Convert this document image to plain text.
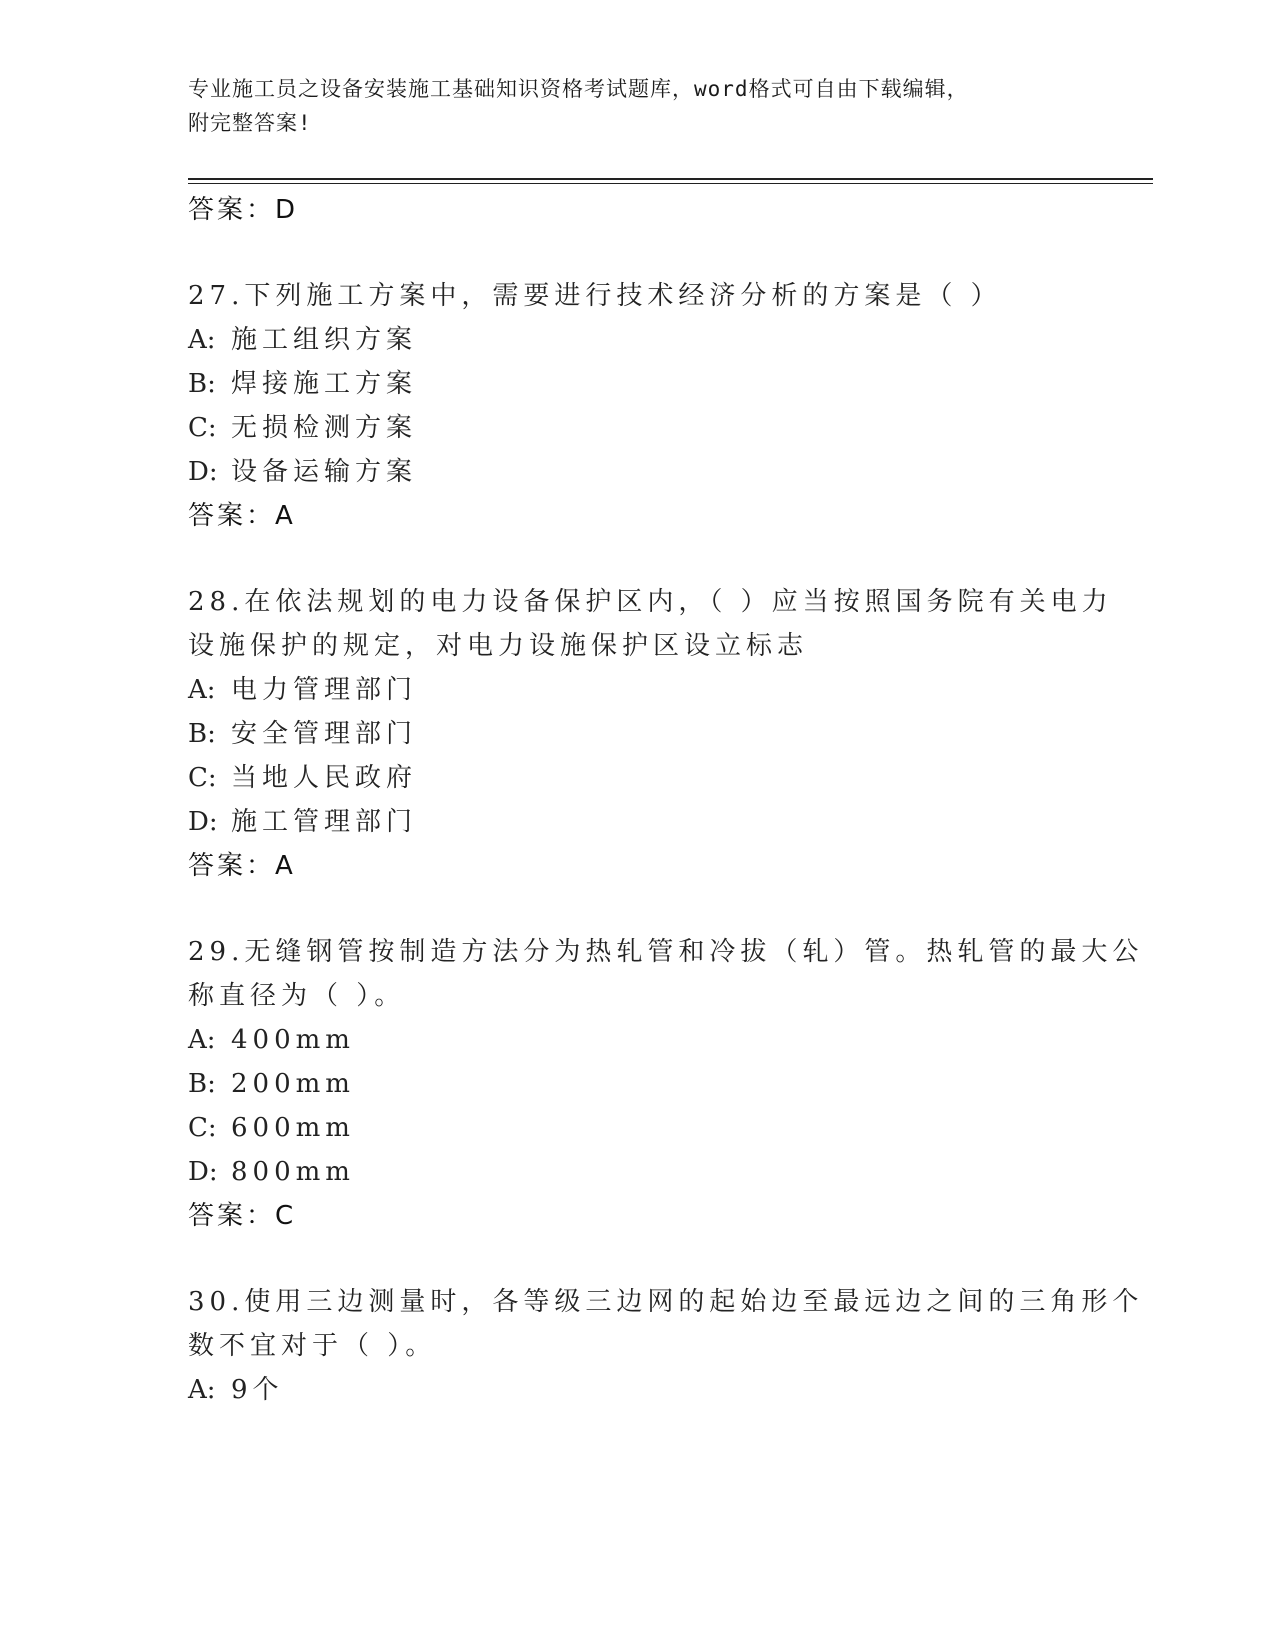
专业施工员之设备安装施工基础知识资格考试题库，word格式可自由下载编辑，
附完整答案!
答案：D
27.下列施工方案中，需要进行技术经济分析的方案是（ ）
A: 施工组织方案
B: 焊接施工方案
C: 无损检测方案
D: 设备运输方案
答案：A
28.在依法规划的电力设备保护区内，（ ）应当按照国务院有关电力
设施保护的规定，对电力设施保护区设立标志
A: 电力管理部门
B: 安全管理部门
C: 当地人民政府
D: 施工管理部门
答案：A
29.无缝钢管按制造方法分为热轧管和冷拔（轧）管。热轧管的最大公
称直径为（ ）。
A: 400mm
B: 200mm
C: 600mm
D: 800mm
答案：C
30.使用三边测量时，各等级三边网的起始边至最远边之间的三角形个
数不宜对于（ ）。
A: 9个
